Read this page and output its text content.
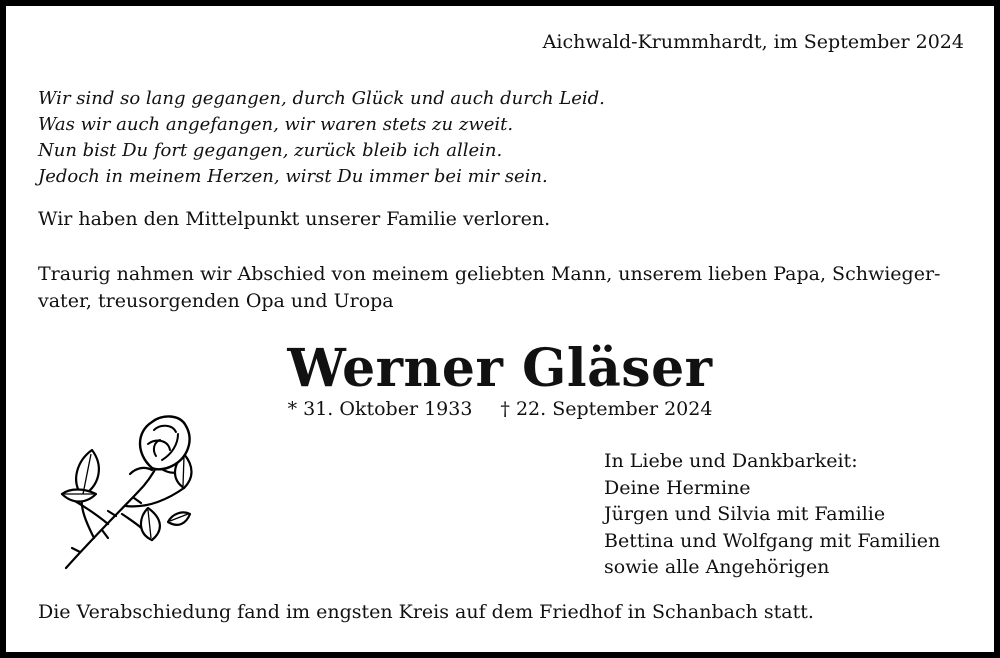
Aichwald-Krummhardt, im September 2024
Wir sind so lang gegangen, durch Glück und auch durch Leid.
Was wir auch angefangen, wir waren stets zu zweit.
Nun bist Du fort gegangen, zurück bleib ich allein.
Jedoch in meinem Herzen, wirst Du immer bei mir sein.
Wir haben den Mittelpunkt unserer Familie verloren.
Traurig nahmen wir Abschied von meinem geliebten Mann, unserem lieben Papa, Schwieger-
vater, treusorgenden Opa und Uropa
Werner Gläser
* 31. Oktober 1933 † 22. September 2024
In Liebe und Dankbarkeit:
Deine Hermine
Jürgen und Silvia mit Familie
Bettina und Wolfgang mit Familien
sowie alle Angehörigen
Die Verabschiedung fand im engsten Kreis auf dem Friedhof in Schanbach statt.
